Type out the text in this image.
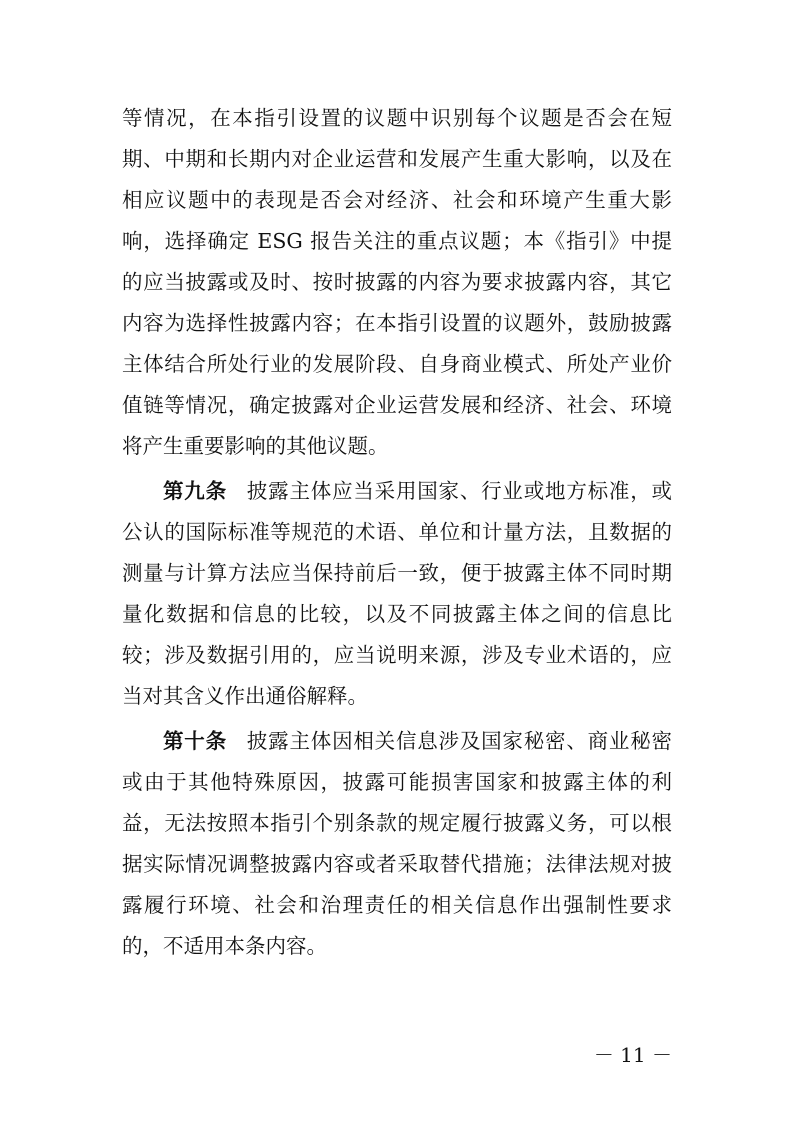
等情况，在本指引设置的议题中识别每个议题是否会在短
期、中期和长期内对企业运营和发展产生重大影响，以及在
相应议题中的表现是否会对经济、社会和环境产生重大影
响，选择确定 ESG 报告关注的重点议题；本《指引》中提
的应当披露或及时、按时披露的内容为要求披露内容，其它
内容为选择性披露内容；在本指引设置的议题外，鼓励披露
主体结合所处行业的发展阶段、自身商业模式、所处产业价
值链等情况，确定披露对企业运营发展和经济、社会、环境
将产生重要影响的其他议题。
第九条 披露主体应当采用国家、行业或地方标准，或
公认的国际标准等规范的术语、单位和计量方法，且数据的
测量与计算方法应当保持前后一致，便于披露主体不同时期
量化数据和信息的比较，以及不同披露主体之间的信息比
较；涉及数据引用的，应当说明来源，涉及专业术语的，应
当对其含义作出通俗解释。
第十条 披露主体因相关信息涉及国家秘密、商业秘密
或由于其他特殊原因，披露可能损害国家和披露主体的利
益，无法按照本指引个别条款的规定履行披露义务，可以根
据实际情况调整披露内容或者采取替代措施；法律法规对披
露履行环境、社会和治理责任的相关信息作出强制性要求
的，不适用本条内容。
－ 11 －
